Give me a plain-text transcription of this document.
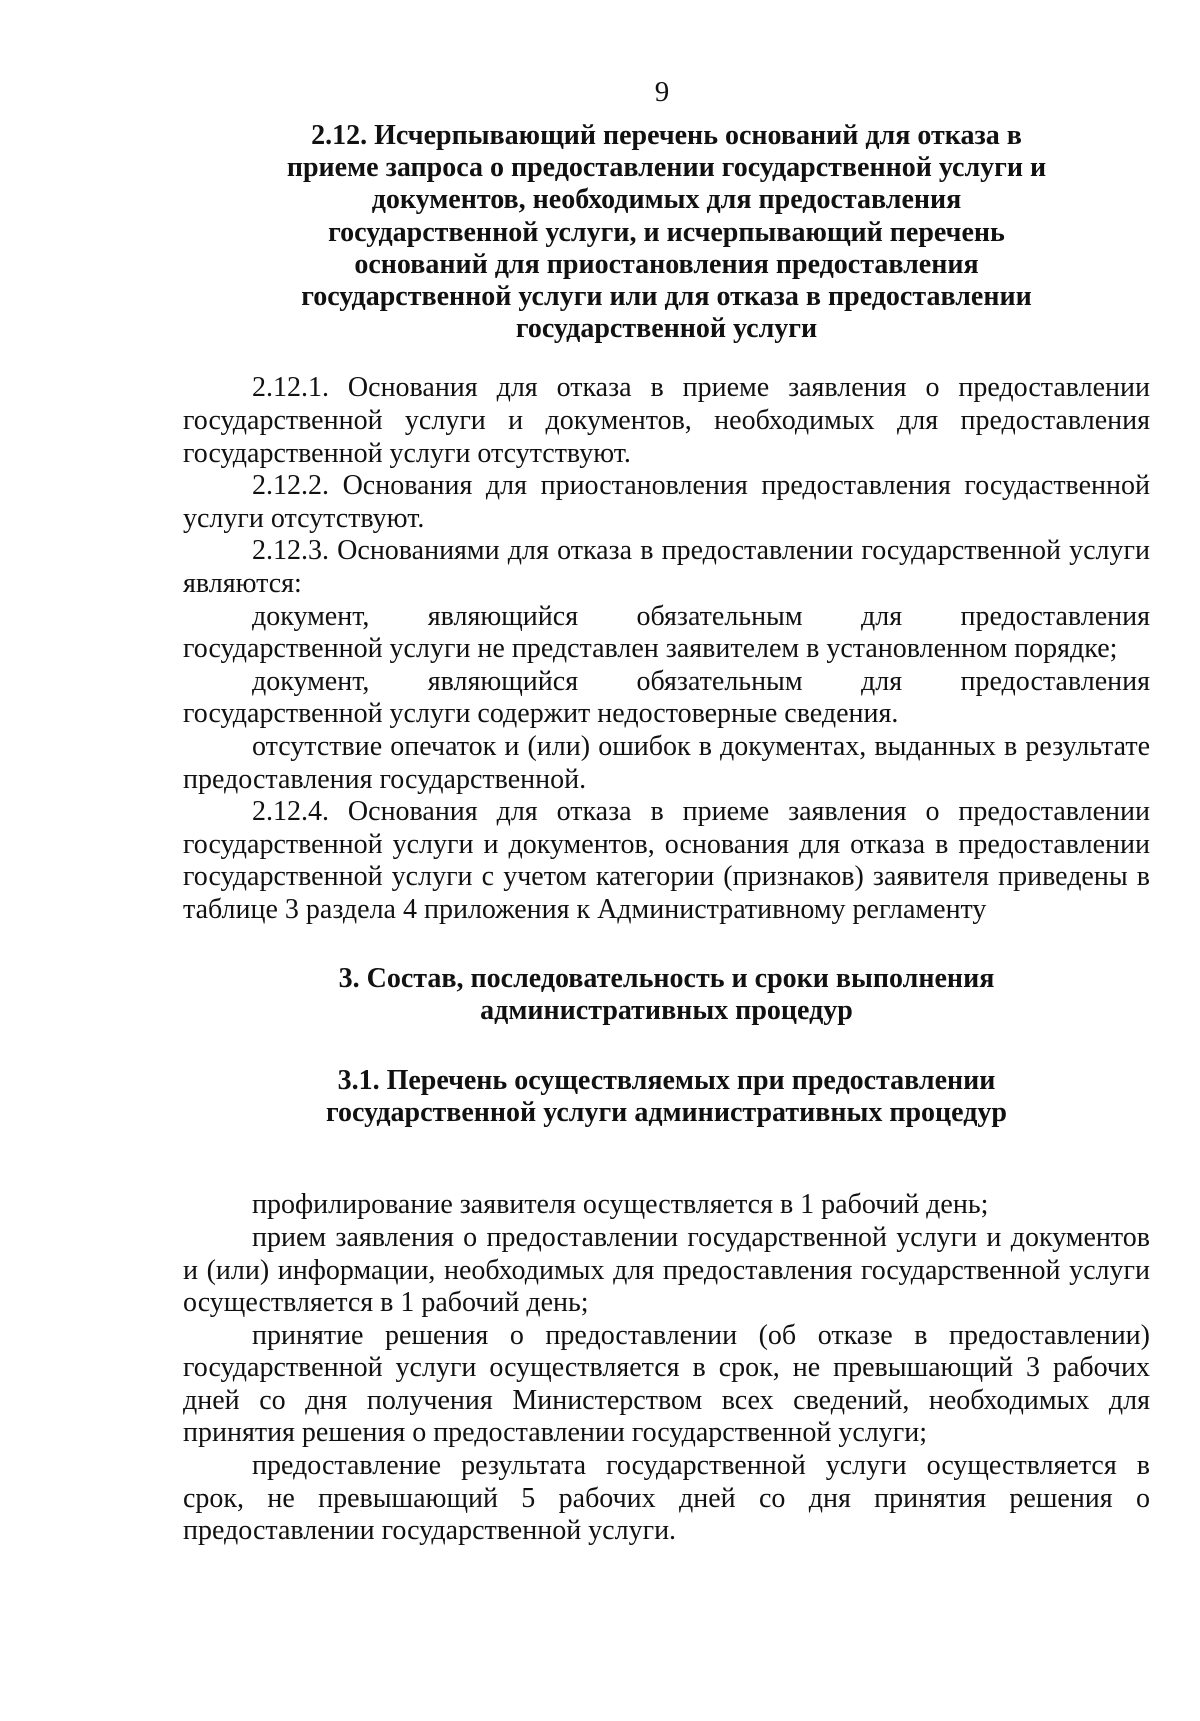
9
2.12. Исчерпывающий перечень оснований для отказа в приеме запроса о предоставлении государственной услуги и документов, необходимых для предоставления государственной услуги, и исчерпывающий перечень оснований для приостановления предоставления государственной услуги или для отказа в предоставлении государственной услуги

2.12.1. Основания для отказа в приеме заявления о предоставлении государственной услуги и документов, необходимых для предоставления государственной услуги отсутствуют.

2.12.2. Основания для приостановления предоставления госудаственной услуги отсутствуют.

2.12.3. Основаниями для отказа в предоставлении государственной услуги являются:

документ, являющийся обязательным для предоставления государственной услуги не представлен заявителем в установленном порядке;

документ, являющийся обязательным для предоставления государственной услуги содержит недостоверные сведения.

отсутствие опечаток и (или) ошибок в документах, выданных в результате предоставления государственной.

2.12.4. Основания для отказа в приеме заявления о предоставлении государственной услуги и документов, основания для отказа в предоставлении государственной услуги с учетом категории (признаков) заявителя приведены в таблице 3 раздела 4 приложения к Административному регламенту

3. Состав, последовательность и сроки выполнения административных процедур
3.1. Перечень осуществляемых при предоставлении государственной услуги административных процедур

профилирование заявителя осуществляется в 1 рабочий день;

прием заявления о предоставлении государственной услуги и документов и (или) информации, необходимых для предоставления государственной услуги осуществляется в 1 рабочий день;

принятие решения о предоставлении (об отказе в предоставлении) государственной услуги осуществляется в срок, не превышающий 3 рабочих дней со дня получения Министерством всех сведений, необходимых для принятия решения о предоставлении государственной услуги;

предоставление результата государственной услуги осуществляется в срок, не превышающий 5 рабочих дней со дня принятия решения о предоставлении государственной услуги.
